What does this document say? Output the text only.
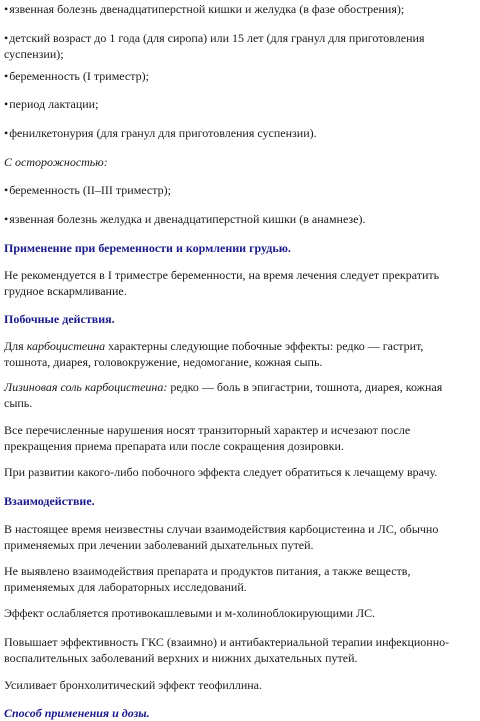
• язвенная болезнь двенадцатиперстной кишки и желудка (в фазе обострения);

• детский возраст до 1 года (для сиропа) или 15 лет (для гранул для приготовления суспензии);

• беременность (I триместр);

• период лактации;

• фенилкетонурия (для гранул для приготовления суспензии).

С осторожностью:

• беременность (II–III триместр);

• язвенная болезнь желудка и двенадцатиперстной кишки (в анамнезе).

Применение при беременности и кормлении грудью.

Не рекомендуется в I триместре беременности, на время лечения следует прекратить грудное вскармливание.

Побочные действия.

Для карбоцистеина характерны следующие побочные эффекты: редко — гастрит, тошнота, диарея, головокружение, недомогание, кожная сыпь.

Лизиновая соль карбоцистеина: редко — боль в эпигастрии, тошнота, диарея, кожная сыпь.

Все перечисленные нарушения носят транзиторный характер и исчезают после прекращения приема препарата или после сокращения дозировки.

При развитии какого-либо побочного эффекта следует обратиться к лечащему врачу.

Взаимодействие.

В настоящее время неизвестны случаи взаимодействия карбоцистеина и ЛС, обычно применяемых при лечении заболеваний дыхательных путей.

Не выявлено взаимодействия препарата и продуктов питания, а также веществ, применяемых для лабораторных исследований.

Эффект ослабляется противокашлевыми и м-холиноблокирующими ЛС.

Повышает эффективность ГКС (взаимно) и антибактериальной терапии инфекционно-воспалительных заболеваний верхних и нижних дыхательных путей.

Усиливает бронхолитический эффект теофиллина.

Способ применения и дозы.
